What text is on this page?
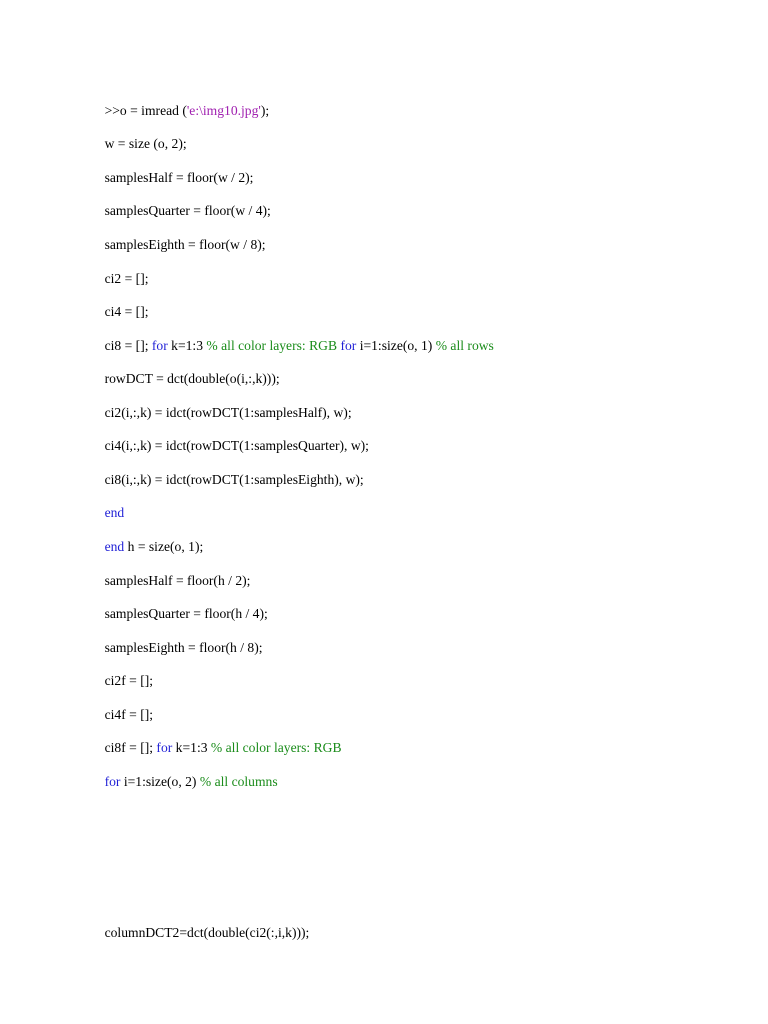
>>o = imread ('e:\img10.jpg');

w = size (o, 2);

samplesHalf = floor(w / 2);

samplesQuarter = floor(w / 4);

samplesEighth = floor(w / 8);

ci2 = [];

ci4 = [];

ci8 = []; for k=1:3 % all color layers: RGB for i=1:size(o, 1) % all rows

rowDCT = dct(double(o(i,:,k)));

ci2(i,:,k) = idct(rowDCT(1:samplesHalf), w);

ci4(i,:,k) = idct(rowDCT(1:samplesQuarter), w);

ci8(i,:,k) = idct(rowDCT(1:samplesEighth), w);

end

end h = size(o, 1);

samplesHalf = floor(h / 2);

samplesQuarter = floor(h / 4);

samplesEighth = floor(h / 8);

ci2f = [];

ci4f = [];

ci8f = []; for k=1:3 % all color layers: RGB

for i=1:size(o, 2) % all columns

columnDCT2=dct(double(ci2(:,i,k)));
